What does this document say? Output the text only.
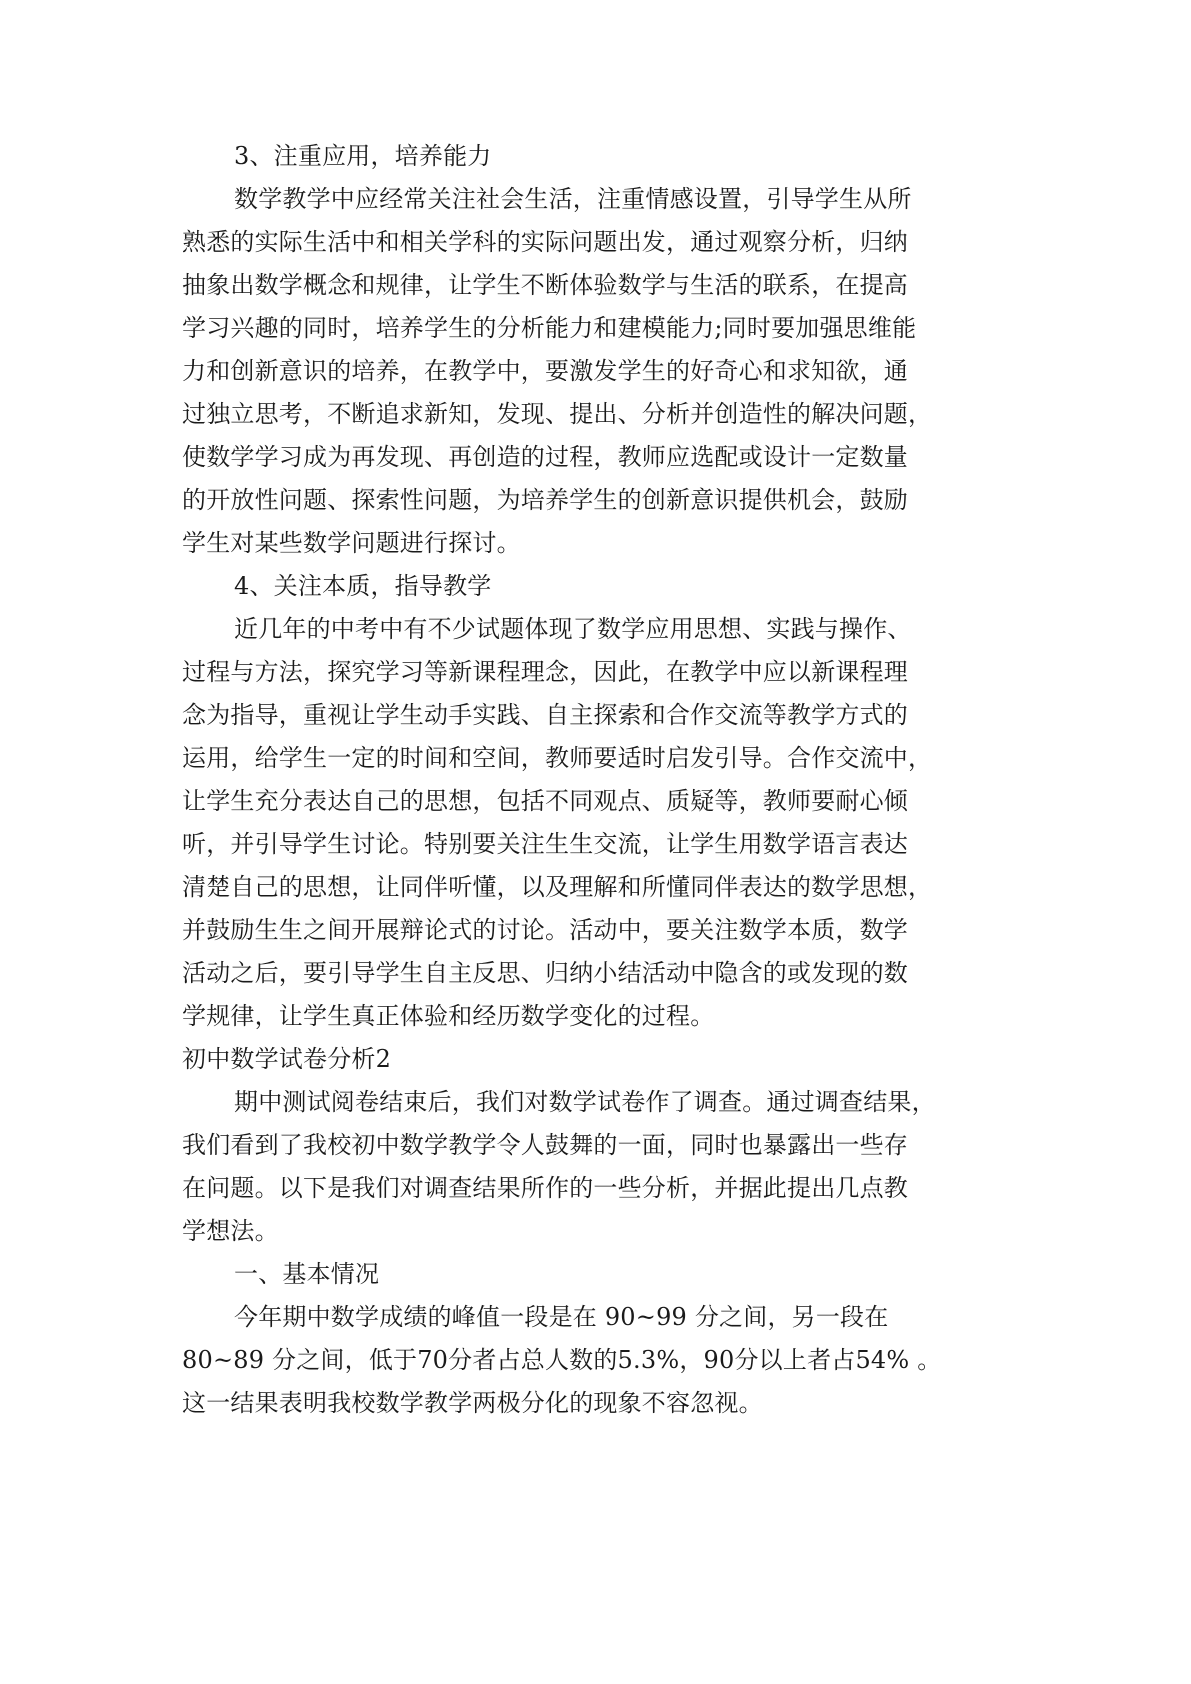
3、注重应用，培养能力
数学教学中应经常关注社会生活，注重情感设置，引导学生从所
熟悉的实际生活中和相关学科的实际问题出发，通过观察分析，归纳
抽象出数学概念和规律，让学生不断体验数学与生活的联系，在提高
学习兴趣的同时，培养学生的分析能力和建模能力;同时要加强思维能
力和创新意识的培养，在教学中，要激发学生的好奇心和求知欲，通
过独立思考，不断追求新知，发现、提出、分析并创造性的解决问题，
使数学学习成为再发现、再创造的过程，教师应选配或设计一定数量
的开放性问题、探索性问题，为培养学生的创新意识提供机会，鼓励
学生对某些数学问题进行探讨。
4、关注本质，指导教学
近几年的中考中有不少试题体现了数学应用思想、实践与操作、
过程与方法，探究学习等新课程理念，因此，在教学中应以新课程理
念为指导，重视让学生动手实践、自主探索和合作交流等教学方式的
运用，给学生一定的时间和空间，教师要适时启发引导。合作交流中，
让学生充分表达自己的思想，包括不同观点、质疑等，教师要耐心倾
听，并引导学生讨论。特别要关注生生交流，让学生用数学语言表达
清楚自己的思想，让同伴听懂，以及理解和所懂同伴表达的数学思想，
并鼓励生生之间开展辩论式的讨论。活动中，要关注数学本质，数学
活动之后，要引导学生自主反思、归纳小结活动中隐含的或发现的数
学规律，让学生真正体验和经历数学变化的过程。
初中数学试卷分析2
期中测试阅卷结束后，我们对数学试卷作了调查。通过调查结果，
我们看到了我校初中数学教学令人鼓舞的一面，同时也暴露出一些存
在问题。以下是我们对调查结果所作的一些分析，并据此提出几点教
学想法。
一、基本情况
今年期中数学成绩的峰值一段是在 90~99 分之间，另一段在
80~89 分之间，低于70分者占总人数的5.3%，90分以上者占54% 。
这一结果表明我校数学教学两极分化的现象不容忽视。
